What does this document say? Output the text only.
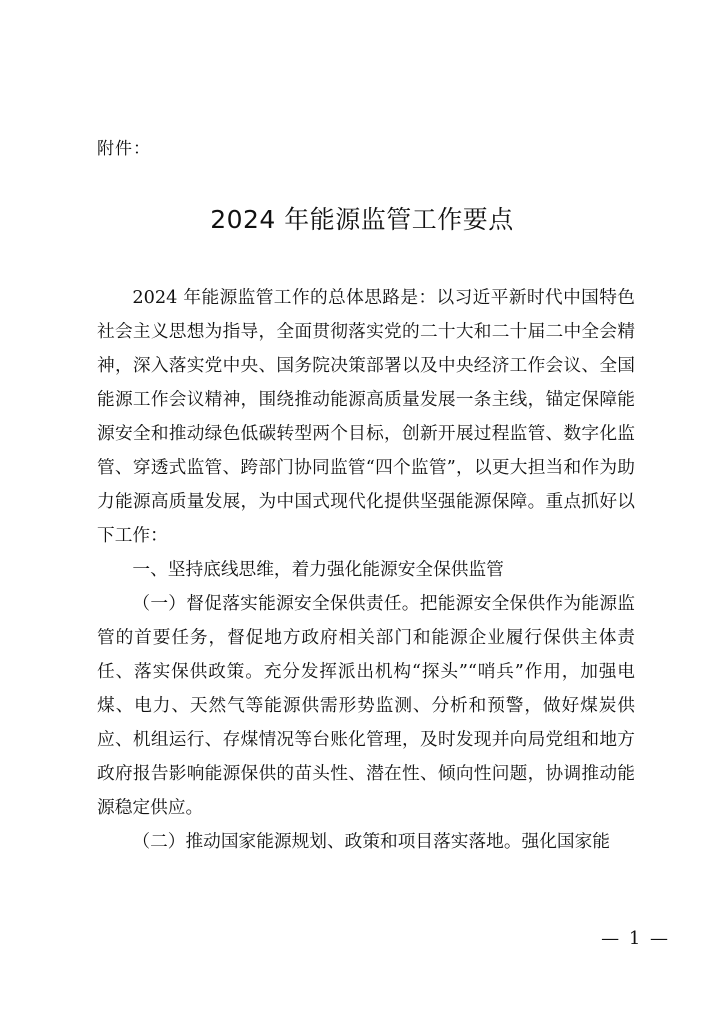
附件：
2024 年能源监管工作要点

2024 年能源监管工作的总体思路是：以习近平新时代中国特色社会主义思想为指导，全面贯彻落实党的二十大和二十届二中全会精神，深入落实党中央、国务院决策部署以及中央经济工作会议、全国能源工作会议精神，围绕推动能源高质量发展一条主线，锚定保障能源安全和推动绿色低碳转型两个目标，创新开展过程监管、数字化监管、穿透式监管、跨部门协同监管“四个监管”，以更大担当和作为助力能源高质量发展，为中国式现代化提供坚强能源保障。重点抓好以下工作：

一、坚持底线思维，着力强化能源安全保供监管

（一）督促落实能源安全保供责任。把能源安全保供作为能源监管的首要任务，督促地方政府相关部门和能源企业履行保供主体责任、落实保供政策。充分发挥派出机构“探头”“哨兵”作用，加强电煤、电力、天然气等能源供需形势监测、分析和预警，做好煤炭供应、机组运行、存煤情况等台账化管理，及时发现并向局党组和地方政府报告影响能源保供的苗头性、潜在性、倾向性问题，协调推动能源稳定供应。

（二）推动国家能源规划、政策和项目落实落地。强化国家能

— 1 —
